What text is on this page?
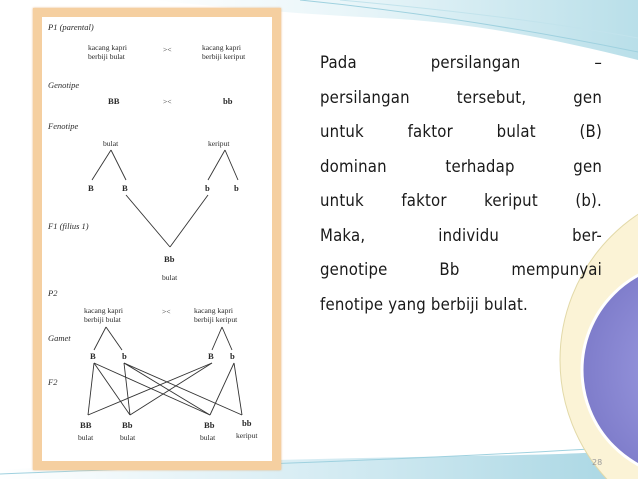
P1 (parental)
kacang kapri
berbiji bulat
><	kacang kapri
berbiji keriput
Genotipe
BB	><	bb
Fenotipe
bulat	keriput
B	B	b	b
F1 (filius 1)
Bb
bulat
P2
kacang kapri
berbiji bulat
><	kacang kapri
berbiji keriput
Gamet
B	b	B b
F2
BB	Bb	Bb	bb
bulat	bulat	bulat	keriput
Pada persilangan –
persilangan tersebut, gen
untuk faktor bulat (B)
dominan terhadap gen
untuk faktor keriput (b).
Maka, individu ber-
genotipe Bb mempunyai
fenotipe yang berbiji bulat.
28
